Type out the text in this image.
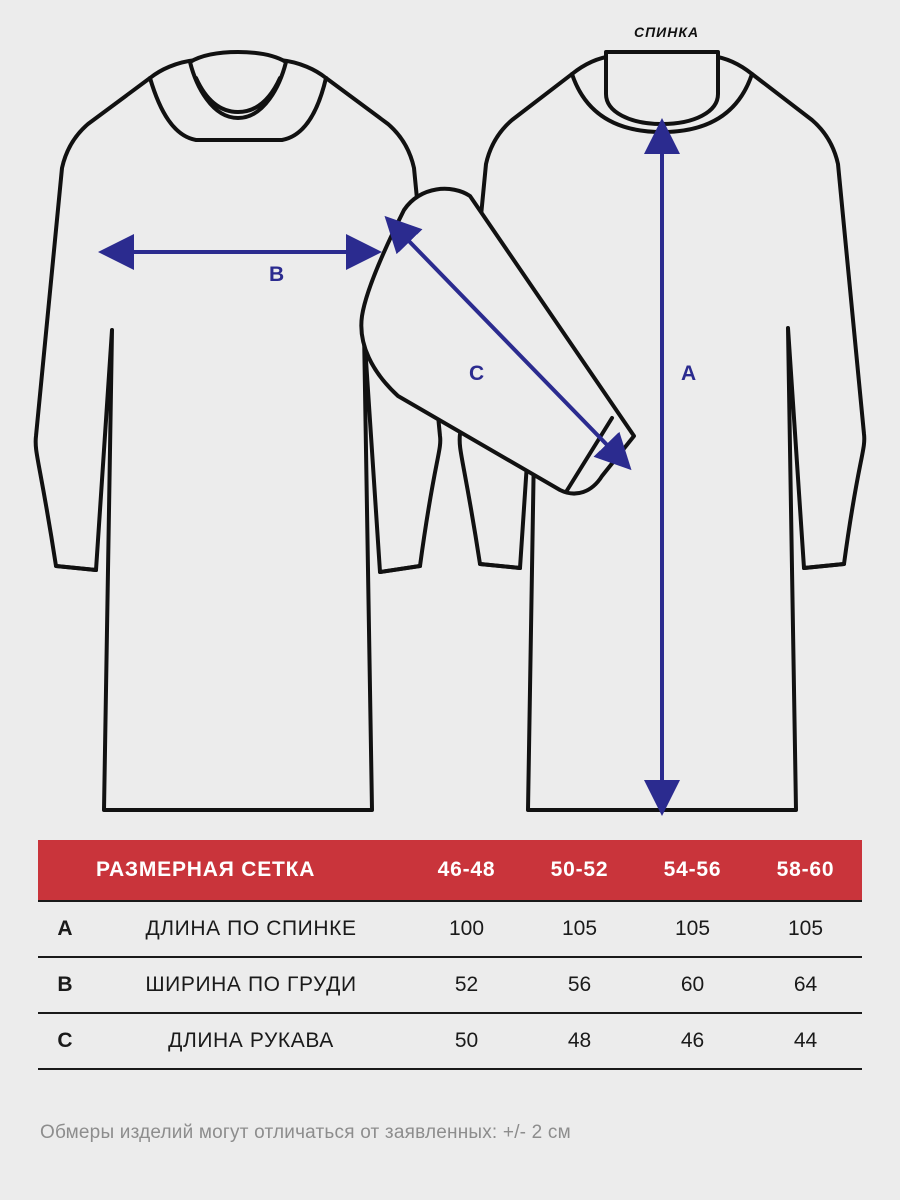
СПИНКА
B
A
C
РАЗМЕРНАЯ СЕТКА		46-48	50-52	54-56	58-60
A	ДЛИНА ПО СПИНКЕ	100	105	105	105
B	ШИРИНА ПО ГРУДИ	52	56	60	64
C	ДЛИНА РУКАВА	50	48	46	44
Обмеры изделий могут отличаться от заявленных: +/- 2 см
